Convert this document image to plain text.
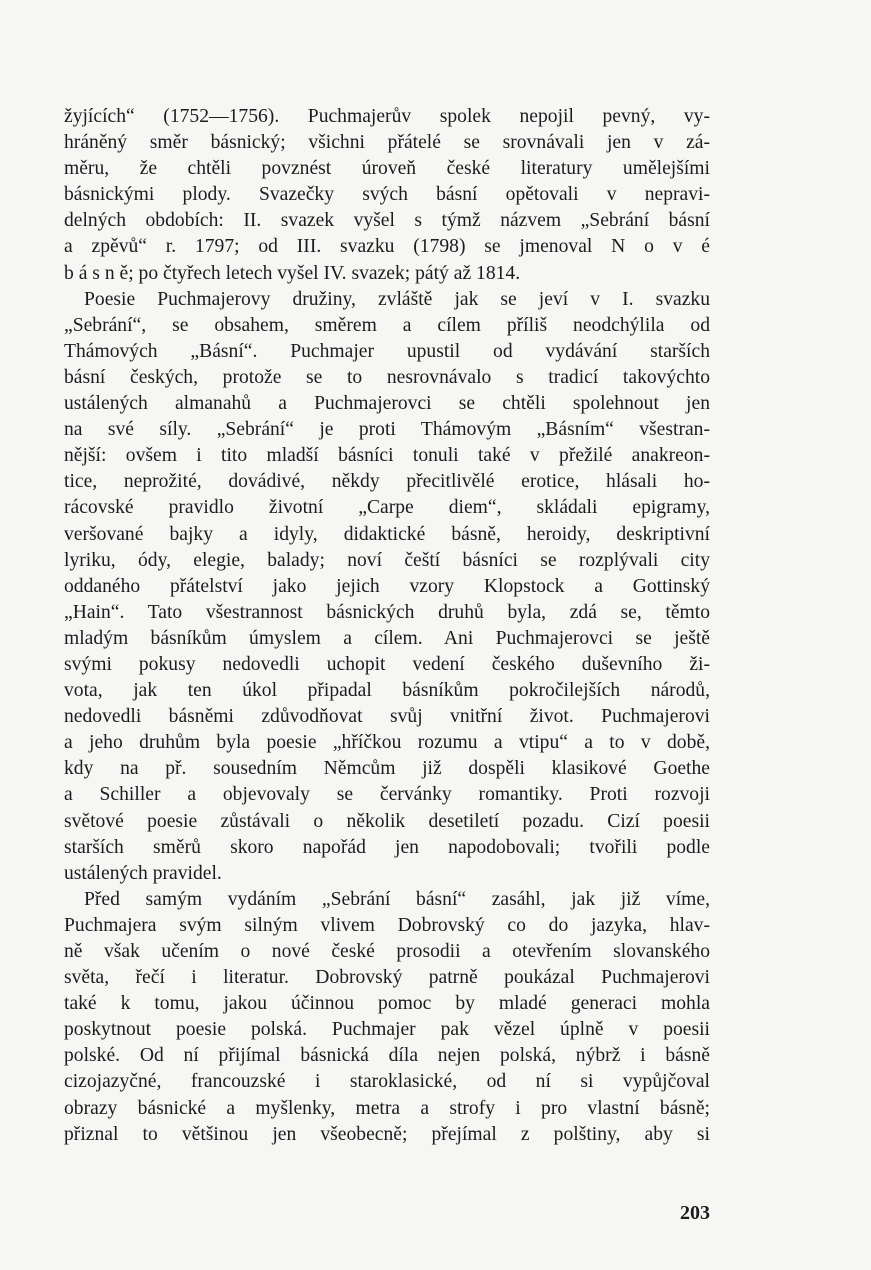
žyjících“ (1752—1756). Puchmajerův spolek nepojil pevný, vy-
hráněný směr básnický; všichni přátelé se srovnávali jen v zá-
měru, že chtěli povznést úroveň české literatury umělejšími
básnickými plody. Svazečky svých básní opětovali v nepravi-
delných obdobích: II. svazek vyšel s týmž názvem „Sebrání básní
a zpěvů“ r. 1797; od III. svazku (1798) se jmenoval N o v é
b á s n ě; po čtyřech letech vyšel IV. svazek; pátý až 1814.
Poesie Puchmajerovy družiny, zvláště jak se jeví v I. svazku
„Sebrání“, se obsahem, směrem a cílem příliš neodchýlila od
Thámových „Básní“. Puchmajer upustil od vydávání starších
básní českých, protože se to nesrovnávalo s tradicí takovýchto
ustálených almanahů a Puchmajerovci se chtěli spolehnout jen
na své síly. „Sebrání“ je proti Thámovým „Básním“ všestran-
nější: ovšem i tito mladší básníci tonuli také v přežilé anakreon-
tice, neprožité, dovádivé, někdy přecitlivělé erotice, hlásali ho-
rácovské pravidlo životní „Carpe diem“, skládali epigramy,
veršované bajky a idyly, didaktické básně, heroidy, deskriptivní
lyriku, ódy, elegie, balady; noví čeští básníci se rozplývali city
oddaného přátelství jako jejich vzory Klopstock a Gottinský
„Hain“. Tato všestrannost básnických druhů byla, zdá se, těmto
mladým básníkům úmyslem a cílem. Ani Puchmajerovci se ještě
svými pokusy nedovedli uchopit vedení českého duševního ži-
vota, jak ten úkol připadal básníkům pokročilejších národů,
nedovedli básněmi zdůvodňovat svůj vnitřní život. Puchmajerovi
a jeho druhům byla poesie „hříčkou rozumu a vtipu“ a to v době,
kdy na př. sousedním Němcům již dospěli klasikové Goethe
a Schiller a objevovaly se červánky romantiky. Proti rozvoji
světové poesie zůstávali o několik desetiletí pozadu. Cizí poesii
starších směrů skoro napořád jen napodobovali; tvořili podle
ustálených pravidel.
Před samým vydáním „Sebrání básní“ zasáhl, jak již víme,
Puchmajera svým silným vlivem Dobrovský co do jazyka, hlav-
ně však učením o nové české prosodii a otevřením slovanského
světa, řečí i literatur. Dobrovský patrně poukázal Puchmajerovi
také k tomu, jakou účinnou pomoc by mladé generaci mohla
poskytnout poesie polská. Puchmajer pak vězel úplně v poesii
polské. Od ní přijímal básnická díla nejen polská, nýbrž i básně
cizojazyčné, francouzské i staroklasické, od ní si vypůjčoval
obrazy básnické a myšlenky, metra a strofy i pro vlastní básně;
přiznal to většinou jen všeobecně; přejímal z polštiny, aby si
203
